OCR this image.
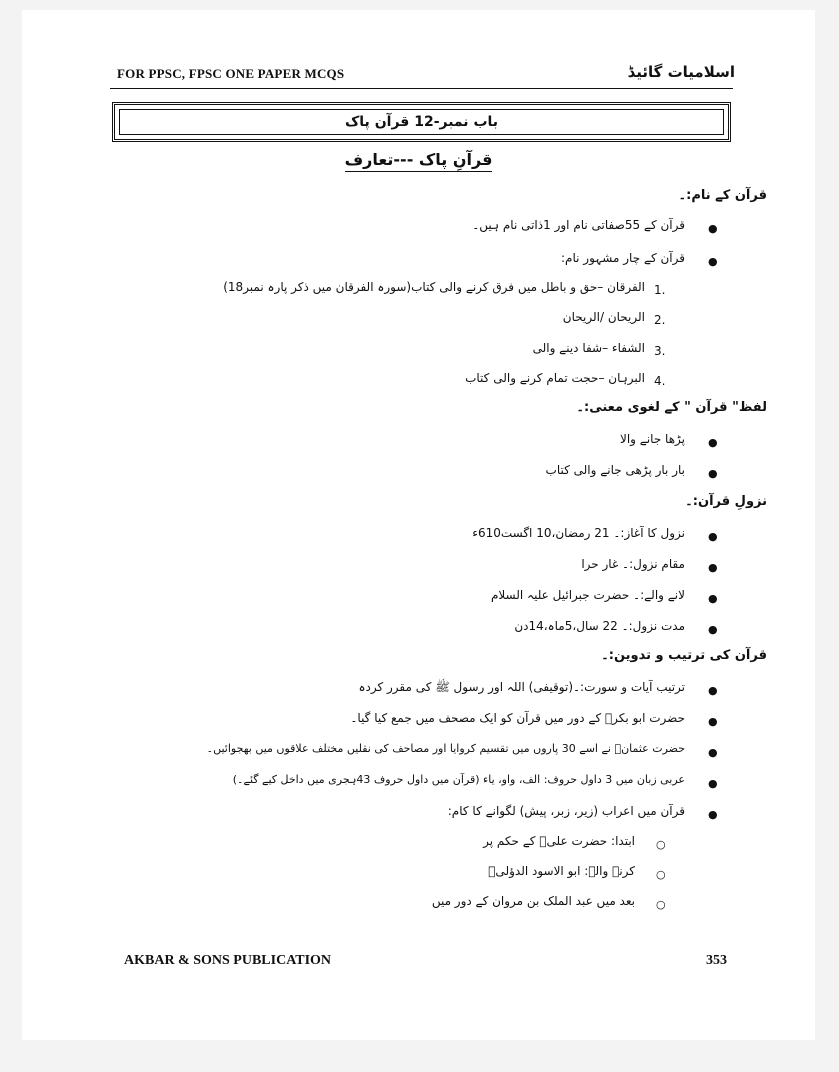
FOR PPSC, FPSC ONE PAPER MCQS	اسلامیات گائیڈ
باب نمبر-12 قرآن پاک
قرآنِ پاک ---تعارف
قرآن کے نام:۔
●
قرآن کے 55صفاتی نام اور 1ذاتی نام ہیں۔
●
قرآن کے چار مشہور نام:
1.
الفرقان –حق و باطل میں فرق کرنے والی کتاب(سورہ الفرقان میں ذکر پارہ نمبر18)
2.
الریحان /الریحان
3.
الشفاء –شفا دینے والی
4.
البرہان –حجت تمام کرنے والی کتاب
لفظ" قرآن " کے لغوی معنی:۔
●
پڑھا جانے والا
●
بار بار پڑھی جانے والی کتاب
نزولِ قرآن:۔
●
نزول کا آغاز:۔ 21 رمضان،10 اگست610ء
●
مقام نزول:۔ غار حرا
●
لانے والے:۔ حضرت جبرائیل علیہ السلام
●
مدت نزول:۔ 22 سال،5ماہ،14دن
قرآن کی ترتیب و تدوین:۔
●
ترتیب آیات و سورت:۔(توقیفی) اللہ اور رسول ﷺ کی مقرر کردہ
●
حضرت ابو بکرؓ کے دور میں قرآن کو ایک مصحف میں جمع کیا گیا۔
●
حضرت عثمانؓ نے اسے 30 پاروں میں تقسیم کروایا اور مصاحف کی نقلیں مختلف علاقوں میں بھجوائیں۔
●
عربی زبان میں 3 داول حروف: الف، واو، یاء (قرآن میں داول حروف 43ہجری میں داخل کیے گئے۔)
●
قرآن میں اعراب (زیر، زبر، پیش) لگوانے کا کام:
○
ابتدا: حضرت علیؓ کے حکم پر
○
کرنے والے: ابو الاسود الدؤلیؒ
○
بعد میں عبد الملک بن مروان کے دور میں
AKBAR & SONS PUBLICATION	353
